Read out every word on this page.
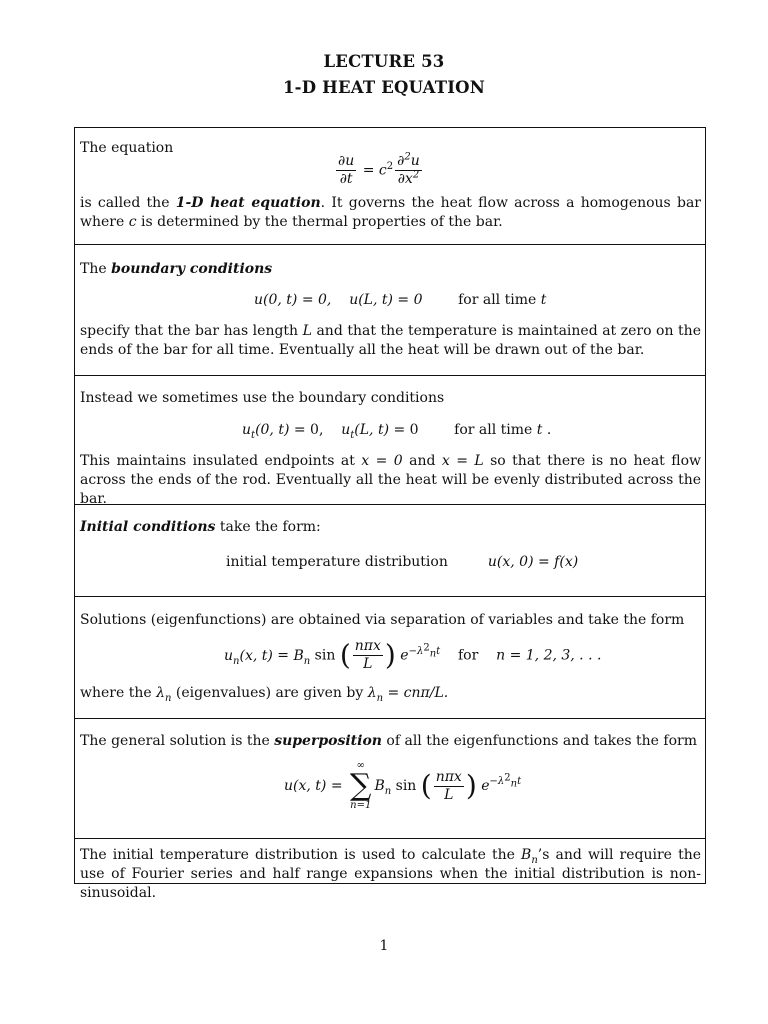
LECTURE 53
1-D HEAT EQUATION
The equation
$\frac{\partial u}{\partial t} = c^2 \frac{\partial^2u}{\partial x^2}$
is called the 1-D heat equation. It governs the heat flow across a homogenous bar where c is determined by the thermal properties of the bar.
The boundary conditions
u(0, t) = 0, u(L, t) = 0	for all time t
specify that the bar has length L and that the temperature is maintained at zero on the ends of the bar for all time. Eventually all the heat will be drawn out of the bar.
Instead we sometimes use the boundary conditions
$u_t(0$, t) = 0,    $u_t(L$, t) = 0        for all time t .
This maintains insulated endpoints at x = 0 and x = L so that there is no heat flow across the ends of the rod. Eventually all the heat will be evenly distributed across the bar.
Initial conditions take the form:
initial temperature distribution	u(x, 0) = f(x)
Solutions (eigenfunctions) are obtained via separation of variables and take the form
$u_n(x$, $t) = B_n$ sin ( $\frac{\text{nπx}}{L}$ ) $e^{-\lambda^2_nt}$ for n = 1, 2, 3, . . .
where the $\lambda_n$ (eigenvalues) are given by $\lambda_n = cn\pi/L$.
The general solution is the superposition of all the eigenfunctions and takes the form
u(x, t) =
∞
∑
n=1
$B_n$ sin ( $\frac{\text{nπx}}{L}$ ) $e^{-\lambda^2_nt}$
The initial temperature distribution is used to calculate the $B_n’s$ and will require the use of Fourier series and half range expansions when the initial distribution is non-sinusoidal.
1
